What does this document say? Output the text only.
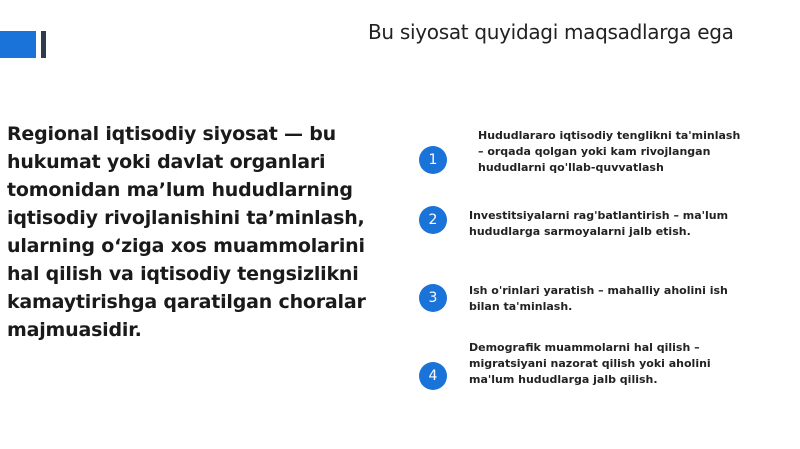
Bu siyosat quyidagi maqsadlarga ega
Regional iqtisodiy siyosat — bu hukumat yoki davlat organlari tomonidan ma’lum hududlarning iqtisodiy rivojlanishini ta’minlash, ularning o‘ziga xos muammolarini hal qilish va iqtisodiy tengsizlikni kamaytirishga qaratilgan choralar majmuasidir.
1
Hududlararo iqtisodiy tenglikni ta'minlash – orqada qolgan yoki kam rivojlangan hududlarni qo'llab-quvvatlash
2	Investitsiyalarni rag'batlantirish – ma'lum hududlarga sarmoyalarni jalb etish.
3	Ish o'rinlari yaratish – mahalliy aholini ish bilan ta'minlash.
4
Demografik muammolarni hal qilish – migratsiyani nazorat qilish yoki aholini ma'lum hududlarga jalb qilish.
